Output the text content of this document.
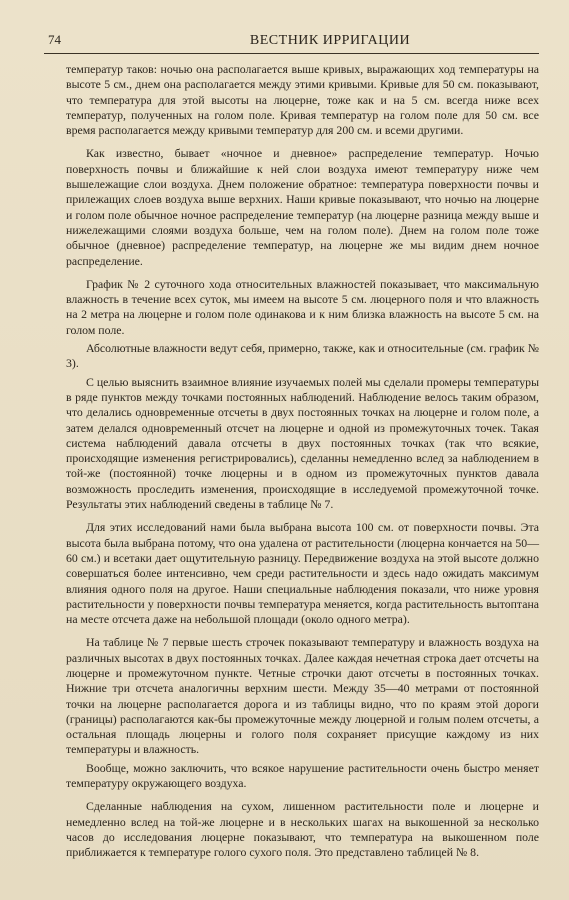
74	ВЕСТНИК ИРРИГАЦИИ

температур таков: ночью она располагается выше кривых, выражающих ход температуры на высоте 5 см., днем она располагается между этими кривыми. Кривые для 50 см. показывают, что температура для этой высоты на люцерне, тоже как и на 5 см. всегда ниже всех температур, полученных на голом поле. Кривая температур на голом поле для 50 см. все время располагается между кривыми температур для 200 см. и всеми другими.

Как известно, бывает «ночное и дневное» распределение температур. Ночью поверхность почвы и ближайшие к ней слои воздуха имеют температуру ниже чем вышележащие слои воздуха. Днем положение обратное: температура поверхности почвы и прилежащих слоев воздуха выше верхних. Наши кривые показывают, что ночью на люцерне и голом поле обычное ночное распределение температур (на люцерне разница между выше и нижележащими слоями воздуха больше, чем на голом поле). Днем на голом поле тоже обычное (дневное) распределение температур, на люцерне же мы видим днем ночное распределение.

График № 2 суточного хода относительных влажностей показывает, что максимальную влажность в течение всех суток, мы имеем на высоте 5 см. люцерного поля и что влажность на 2 метра на люцерне и голом поле одинакова и к ним близка влажность на высоте 5 см. на голом поле.

Абсолютные влажности ведут себя, примерно, также, как и относительные (см. график № 3).

С целью выяснить взаимное влияние изучаемых полей мы сделали промеры температуры в ряде пунктов между точками постоянных наблюдений. Наблюдение велось таким образом, что делались одновременные отсчеты в двух постоянных точках на люцерне и голом поле, а затем делался одновременный отсчет на люцерне и одной из промежуточных точек. Такая система наблюдений давала отсчеты в двух постоянных точках (так что всякие, происходящие изменения регистрировались), сделанны немедленно вслед за наблюдением в той-же (постоянной) точке люцерны и в одном из промежуточных пунктов давала возможность проследить изменения, происходящие в исследуемой промежуточной точке. Результаты этих наблюдений сведены в таблице № 7.

Для этих исследований нами была выбрана высота 100 см. от поверхности почвы. Эта высота была выбрана потому, что она удалена от растительности (люцерна кончается на 50—60 см.) и всетаки дает ощутительную разницу. Передвижение воздуха на этой высоте должно совершаться более интенсивно, чем среди растительности и здесь надо ожидать максимум влияния одного поля на другое. Наши специальные наблюдения показали, что ниже уровня растительности у поверхности почвы температура меняется, когда растительность вытоптана на месте отсчета даже на небольшой площади (около одного метра).

На таблице № 7 первые шесть строчек показывают температуру и влажность воздуха на различных высотах в двух постоянных точках. Далее каждая нечетная строка дает отсчеты на люцерне и промежуточном пункте. Четные строчки дают отсчеты в постоянных точках. Нижние три отсчета аналогичны верхним шести. Между 35—40 метрами от постоянной точки на люцерне располагается дорога и из таблицы видно, что по краям этой дороги (границы) располагаются как-бы промежуточные между люцерной и голым полем отсчеты, а остальная площадь люцерны и голого поля сохраняет присущие каждому из них температуры и влажность.

Вообще, можно заключить, что всякое нарушение растительности очень быстро меняет температуру окружающего воздуха.

Сделанные наблюдения на сухом, лишенном растительности поле и люцерне и немедленно вслед на той-же люцерне и в нескольких шагах на выкошенной за несколько часов до исследования люцерне показывают, что температура на выкошенном поле приближается к температуре голого сухого поля. Это представлено таблицей № 8.
